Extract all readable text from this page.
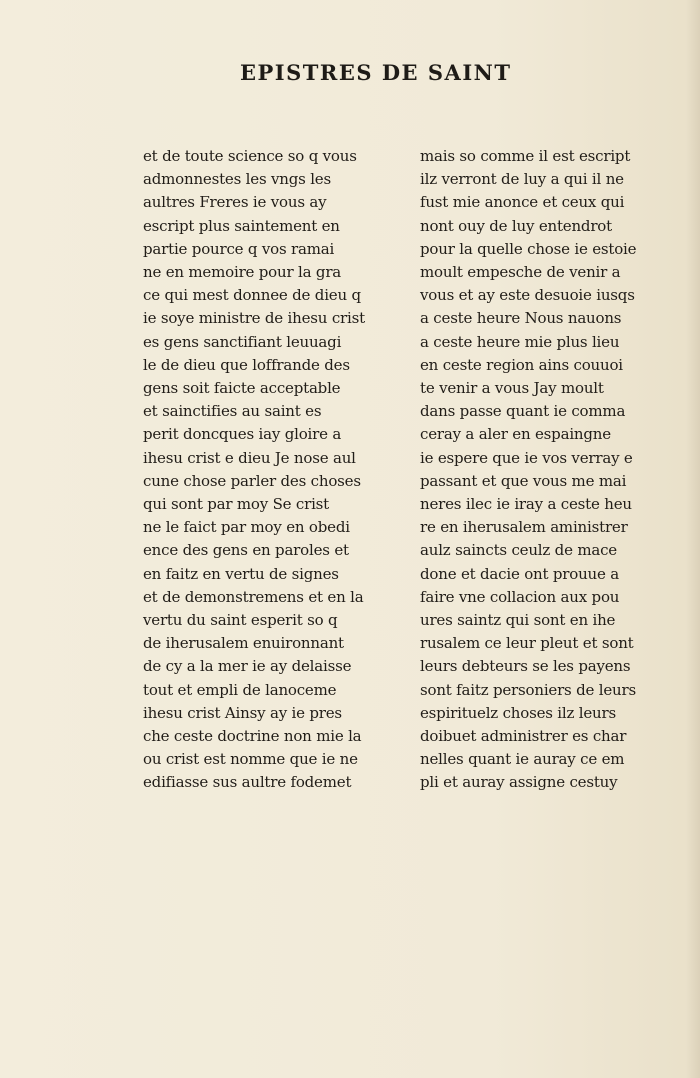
EPISTRES DE SAINT
et de toute science so q vous
admonnestes les vngs les
aultres Freres ie vous ay
escript plus saintement en
partie pource q vos ramai
ne en memoire pour la gra
ce qui mest donnee de dieu q
ie soye ministre de ihesu crist
es gens sanctifiant leuuagi
le de dieu que loffrande des
gens soit faicte acceptable
et sainctifies au saint es
perit doncques iay gloire a
ihesu crist e dieu Je nose aul
cune chose parler des choses
qui sont par moy Se crist
ne le faict par moy en obedi
ence des gens en paroles et
en faitz en vertu de signes
et de demonstremens et en la
vertu du saint esperit so q
de iherusalem enuironnant
de cy a la mer ie ay delaisse
tout et empli de lanoceme
ihesu crist Ainsy ay ie pres
che ceste doctrine non mie la
ou crist est nomme que ie ne
edifiasse sus aultre fodemet
mais so comme il est escript
ilz verront de luy a qui il ne
fust mie anonce et ceux qui
nont ouy de luy entendrot
pour la quelle chose ie estoie
moult empesche de venir a
vous et ay este desuoie iusqs
a ceste heure Nous nauons
a ceste heure mie plus lieu
en ceste region ains couuoi
te venir a vous Jay moult
dans passe quant ie comma
ceray a aler en espaingne
ie espere que ie vos verray e
passant et que vous me mai
neres ilec ie iray a ceste heu
re en iherusalem aministrer
aulz saincts ceulz de mace
done et dacie ont prouue a
faire vne collacion aux pou
ures saintz qui sont en ihe
rusalem ce leur pleut et sont
leurs debteurs se les payens
sont faitz personiers de leurs
espirituelz choses ilz leurs
doibuet administrer es char
nelles quant ie auray ce em
pli et auray assigne cestuy
